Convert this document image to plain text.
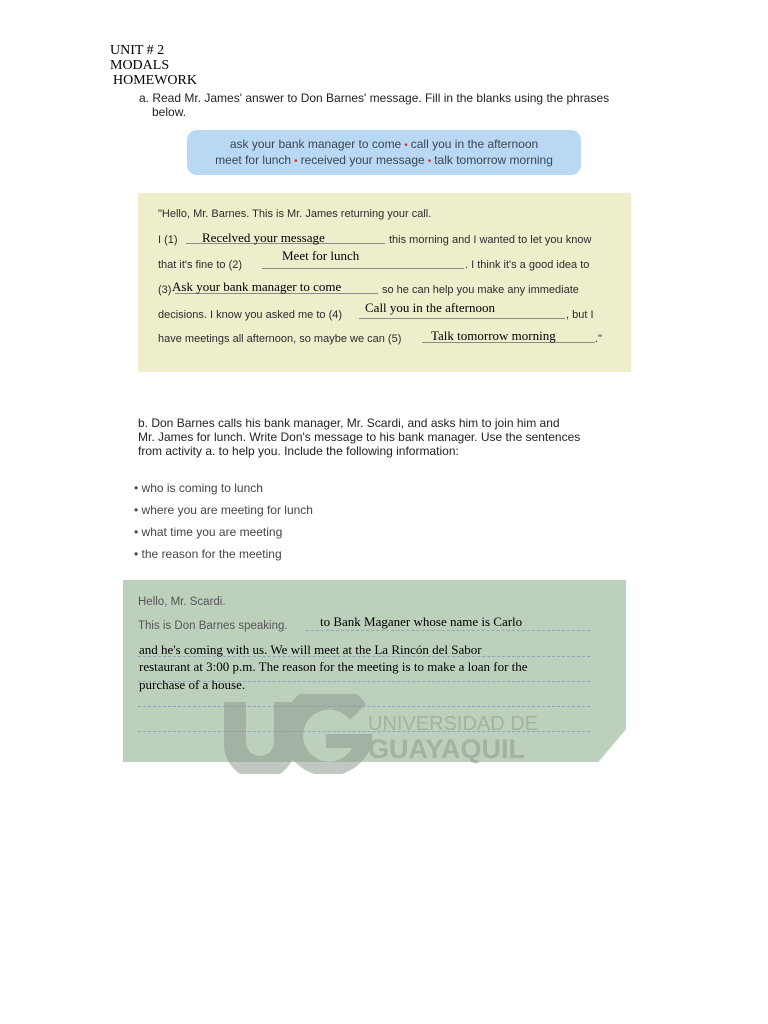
UNIT # 2
MODALS
HOMEWORK
a. Read Mr. James' answer to Don Barnes' message. Fill in the blanks using the phrases
below.
ask your bank manager to come • call you in the afternoon
meet for lunch • received your message • talk tomorrow morning
"Hello, Mr. Barnes. This is Mr. James returning your call.
I (1) Recelved your message	this morning and I wanted to let you know
that it's fine to (2)
Meet for lunch
. I think it's a good idea to
(3) Ask your bank manager to come	so he can help you make any immediate
decisions. I know you asked me to (4) Call you in the afternoon	, but I
have meetings all afternoon, so maybe we can (5) Talk tomorrow morning	."
b. Don Barnes calls his bank manager, Mr. Scardi, and asks him to join him and
Mr. James for lunch. Write Don's message to his bank manager. Use the sentences
from activity a. to help you. Include the following information:
• who is coming to lunch
• where you are meeting for lunch
• what time you are meeting
• the reason for the meeting
UNIVERSIDAD DE
GUAYAQUIL
Hello, Mr. Scardi.
This is Don Barnes speaking. to Bank Maganer whose name is Carlo
and he's coming with us. We will meet at the La Rincón del Sabor
restaurant at 3:00 p.m. The reason for the meeting is to make a loan for the
purchase of a house.
